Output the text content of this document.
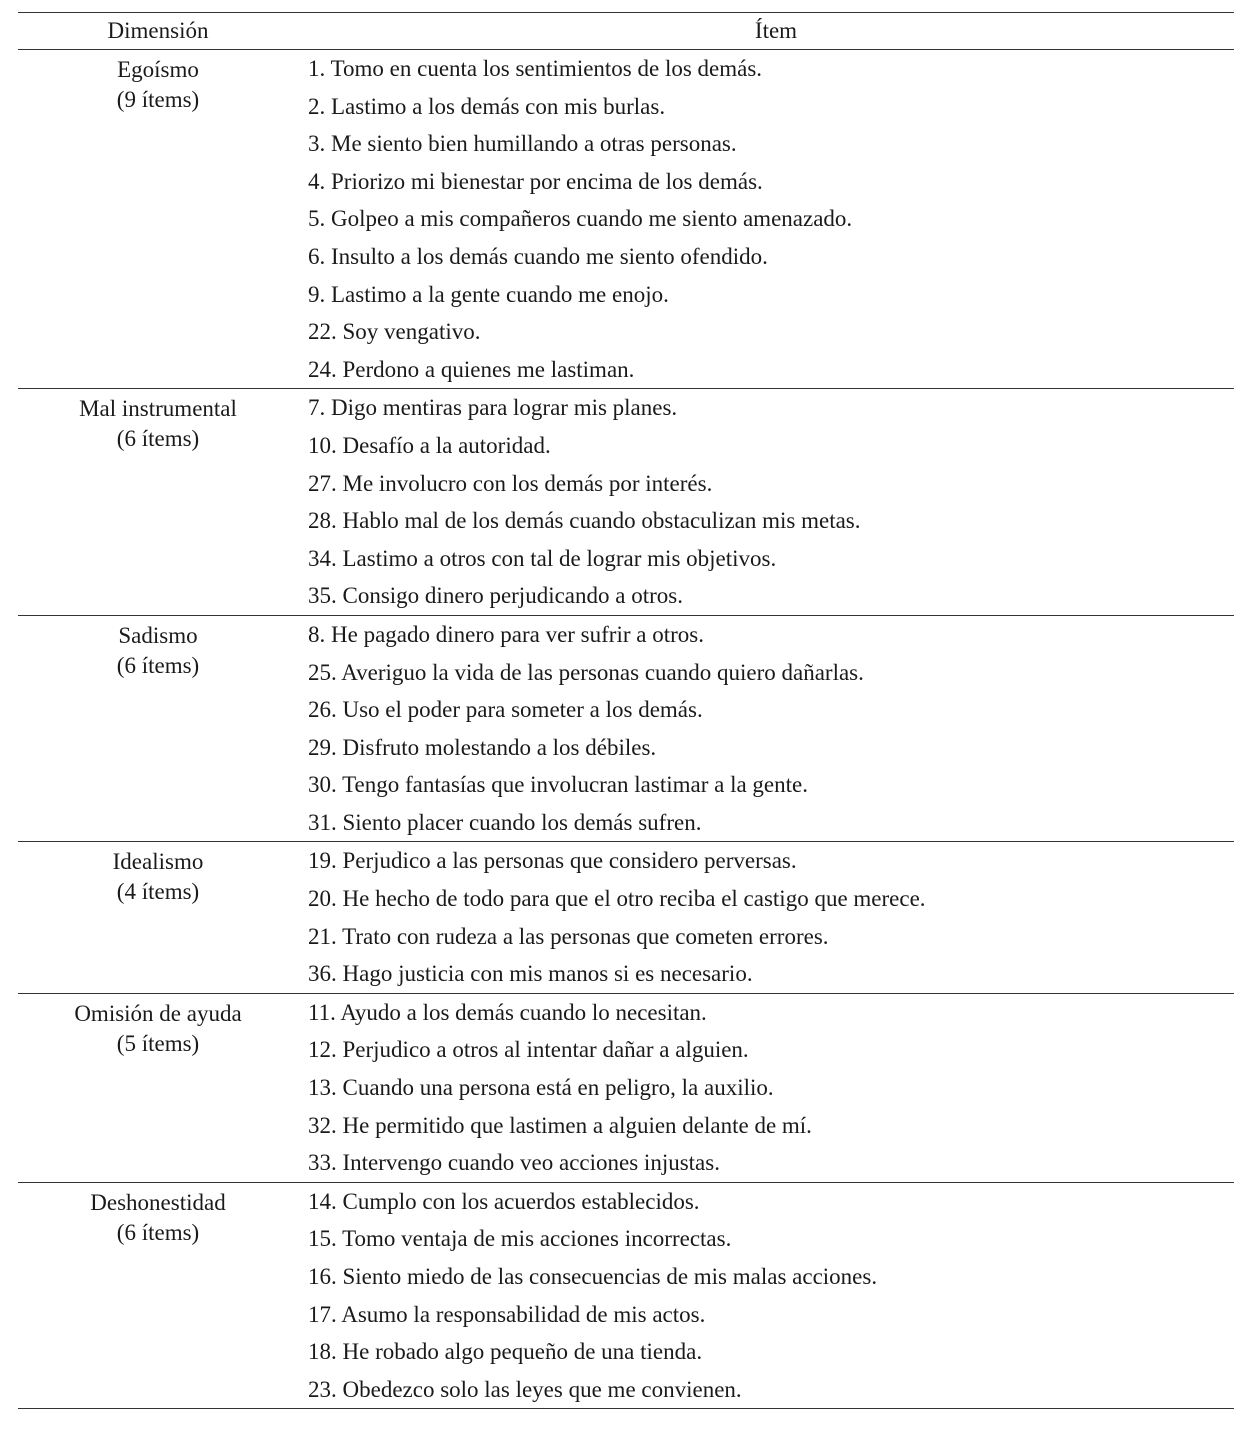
Dimensión	Ítem
Egoísmo
(9 ítems)
1. Tomo en cuenta los sentimientos de los demás.
2. Lastimo a los demás con mis burlas.
3. Me siento bien humillando a otras personas.
4. Priorizo mi bienestar por encima de los demás.
5. Golpeo a mis compañeros cuando me siento amenazado.
6. Insulto a los demás cuando me siento ofendido.
9. Lastimo a la gente cuando me enojo.
22. Soy vengativo.
24. Perdono a quienes me lastiman.
Mal instrumental
(6 ítems)
7. Digo mentiras para lograr mis planes.
10. Desafío a la autoridad.
27. Me involucro con los demás por interés.
28. Hablo mal de los demás cuando obstaculizan mis metas.
34. Lastimo a otros con tal de lograr mis objetivos.
35. Consigo dinero perjudicando a otros.
Sadismo
(6 ítems)
8. He pagado dinero para ver sufrir a otros.
25. Averiguo la vida de las personas cuando quiero dañarlas.
26. Uso el poder para someter a los demás.
29. Disfruto molestando a los débiles.
30. Tengo fantasías que involucran lastimar a la gente.
31. Siento placer cuando los demás sufren.
Idealismo
(4 ítems)
19. Perjudico a las personas que considero perversas.
20. He hecho de todo para que el otro reciba el castigo que merece.
21. Trato con rudeza a las personas que cometen errores.
36. Hago justicia con mis manos si es necesario.
Omisión de ayuda
(5 ítems)
11. Ayudo a los demás cuando lo necesitan.
12. Perjudico a otros al intentar dañar a alguien.
13. Cuando una persona está en peligro, la auxilio.
32. He permitido que lastimen a alguien delante de mí.
33. Intervengo cuando veo acciones injustas.
Deshonestidad
(6 ítems)
14. Cumplo con los acuerdos establecidos.
15. Tomo ventaja de mis acciones incorrectas.
16. Siento miedo de las consecuencias de mis malas acciones.
17. Asumo la responsabilidad de mis actos.
18. He robado algo pequeño de una tienda.
23. Obedezco solo las leyes que me convienen.
